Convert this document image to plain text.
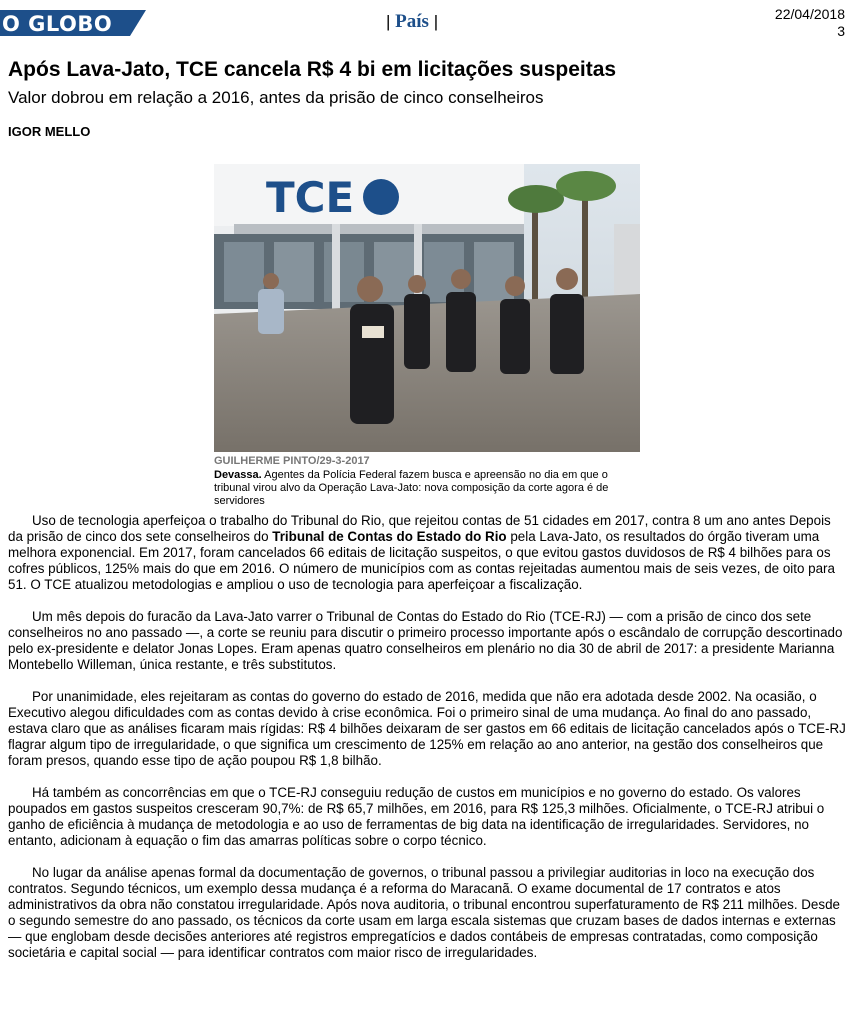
O GLOBO	| País |	22/04/2018
3
Após Lava-Jato, TCE cancela R$ 4 bi em licitações suspeitas
Valor dobrou em relação a 2016, antes da prisão de cinco conselheiros
IGOR MELLO
TCE
GUILHERME PINTO/29-3-2017
Devassa. Agentes da Polícia Federal fazem busca e apreensão no dia em que o tribunal virou alvo da Operação Lava-Jato: nova composição da corte agora é de servidores

Uso de tecnologia aperfeiçoa o trabalho do Tribunal do Rio, que rejeitou contas de 51 cidades em 2017, contra 8 um ano antes Depois da prisão de cinco dos sete conselheiros do Tribunal de Contas do Estado do Rio pela Lava-Jato, os resultados do órgão tiveram uma melhora exponencial. Em 2017, foram cancelados 66 editais de licitação suspeitos, o que evitou gastos duvidosos de R$ 4 bilhões para os cofres públicos, 125% mais do que em 2016. O número de municípios com as contas rejeitadas aumentou mais de seis vezes, de oito para 51. O TCE atualizou metodologias e ampliou o uso de tecnologia para aperfeiçoar a fiscalização.

Um mês depois do furacão da Lava-Jato varrer o Tribunal de Contas do Estado do Rio (TCE-RJ) — com a prisão de cinco dos sete conselheiros no ano passado —, a corte se reuniu para discutir o primeiro processo importante após o escândalo de corrupção descortinado pelo ex-presidente e delator Jonas Lopes. Eram apenas quatro conselheiros em plenário no dia 30 de abril de 2017: a presidente Marianna Montebello Willeman, única restante, e três substitutos.

Por unanimidade, eles rejeitaram as contas do governo do estado de 2016, medida que não era adotada desde 2002. Na ocasião, o Executivo alegou dificuldades com as contas devido à crise econômica. Foi o primeiro sinal de uma mudança. Ao final do ano passado, estava claro que as análises ficaram mais rígidas: R$ 4 bilhões deixaram de ser gastos em 66 editais de licitação cancelados após o TCE-RJ flagrar algum tipo de irregularidade, o que significa um crescimento de 125% em relação ao ano anterior, na gestão dos conselheiros que foram presos, quando esse tipo de ação poupou R$ 1,8 bilhão.

Há também as concorrências em que o TCE-RJ conseguiu redução de custos em municípios e no governo do estado. Os valores poupados em gastos suspeitos cresceram 90,7%: de R$ 65,7 milhões, em 2016, para R$ 125,3 milhões. Oficialmente, o TCE-RJ atribui o ganho de eficiência à mudança de metodologia e ao uso de ferramentas de big data na identificação de irregularidades. Servidores, no entanto, adicionam à equação o fim das amarras políticas sobre o corpo técnico.

No lugar da análise apenas formal da documentação de governos, o tribunal passou a privilegiar auditorias in loco na execução dos contratos. Segundo técnicos, um exemplo dessa mudança é a reforma do Maracanã. O exame documental de 17 contratos e atos administrativos da obra não constatou irregularidade. Após nova auditoria, o tribunal encontrou superfaturamento de R$ 211 milhões. Desde o segundo semestre do ano passado, os técnicos da corte usam em larga escala sistemas que cruzam bases de dados internas e externas — que englobam desde decisões anteriores até registros empregatícios e dados contábeis de empresas contratadas, como composição societária e capital social — para identificar contratos com maior risco de irregularidades.
